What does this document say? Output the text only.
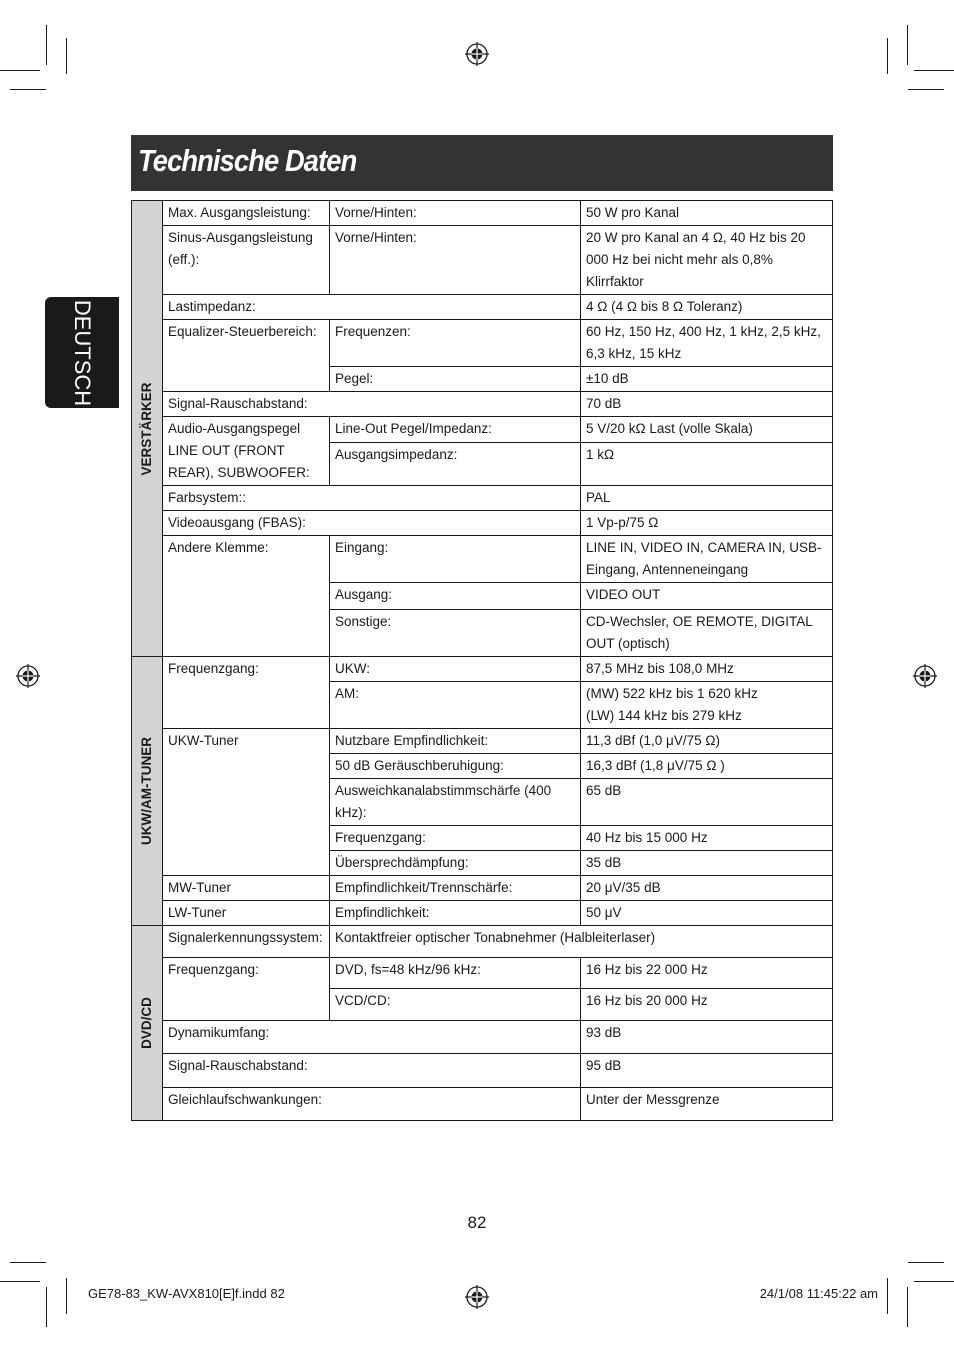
Technische Daten
DEUTSCH
VERSTÄRKER	Max. Ausgangsleistung:	Vorne/Hinten:	50 W pro Kanal
	Sinus-Ausgangsleistung (eff.):	Vorne/Hinten:	20 W pro Kanal an 4 Ω, 40 Hz bis 20 000 Hz bei nicht mehr als 0,8% Klirrfaktor
	Lastimpedanz:		4 Ω (4 Ω bis 8 Ω Toleranz)
	Equalizer-Steuerbereich:	Frequenzen:	60 Hz, 150 Hz, 400 Hz, 1 kHz, 2,5 kHz, 6,3 kHz, 15 kHz
		Pegel:	±10 dB
	Signal-Rauschabstand:		70 dB
	Audio-Ausgangspegel LINE OUT (FRONT REAR), SUBWOOFER:	Line-Out Pegel/Impedanz:	5 V/20 kΩ Last (volle Skala)
		Ausgangsimpedanz:	1 kΩ
	Farbsystem::		PAL
	Videoausgang (FBAS):		1 Vp-p/75 Ω
	Andere Klemme:	Eingang:	LINE IN, VIDEO IN, CAMERA IN, USB-Eingang, Antenneneingang
		Ausgang:	VIDEO OUT
		Sonstige:	CD-Wechsler, OE REMOTE, DIGITAL OUT (optisch)

UKW/AM-TUNER	Frequenzgang:	UKW:	87,5 MHz bis 108,0 MHz
		AM:	(MW) 522 kHz bis 1 620 kHz
(LW) 144 kHz bis 279 kHz

	UKW-Tuner	Nutzbare Empfindlichkeit:	11,3 dBf (1,0 μV/75 Ω)
		50 dB Geräuschberuhigung:	16,3 dBf (1,8 μV/75 Ω )
		Ausweichkanalabstimmschärfe (400 kHz):	65 dB
		Frequenzgang:	40 Hz bis 15 000 Hz
		Übersprechdämpfung:	35 dB
	MW-Tuner	Empfindlichkeit/Trennschärfe:	20 μV/35 dB
	LW-Tuner	Empfindlichkeit:	50 μV

DVD/CD	Signalerkennungssystem:	Kontaktfreier optischer Tonabnehmer (Halbleiterlaser)	
	Frequenzgang:	DVD, fs=48 kHz/96 kHz:	16 Hz bis 22 000 Hz
		VCD/CD:	16 Hz bis 20 000 Hz
	Dynamikumfang:		93 dB
	Signal-Rauschabstand:		95 dB
	Gleichlaufschwankungen:		Unter der Messgrenze
82
GE78-83_KW-AVX810[E]f.indd 82	24/1/08 11:45:22 am
